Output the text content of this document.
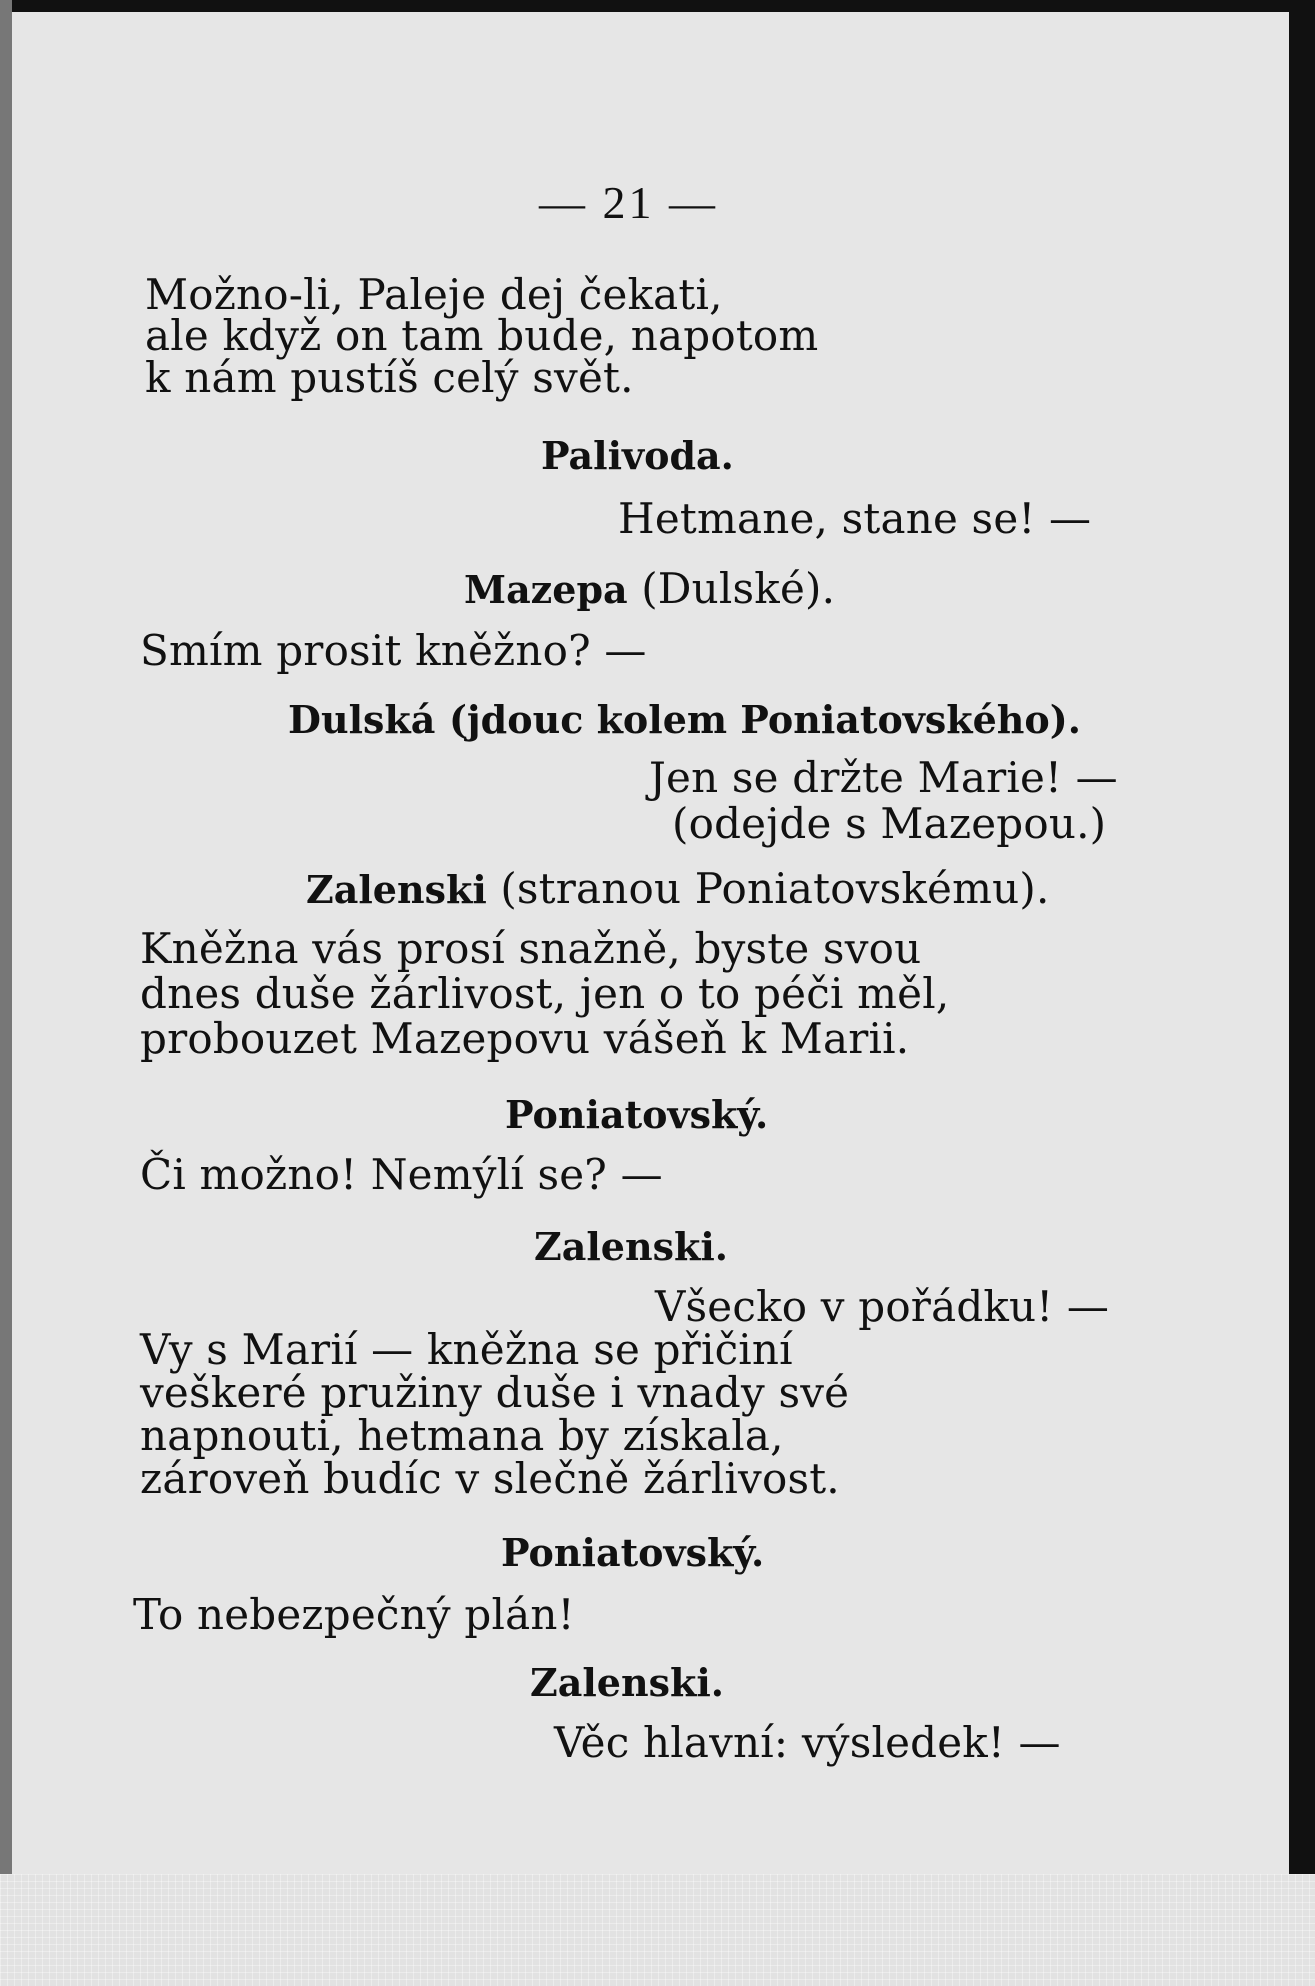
— 21 —
Možno-li, Paleje dej čekati,
ale když on tam bude, napotom
k nám pustíš celý svět.
Palivoda.
Hetmane, stane se! —
Mazepa (Dulské).
Smím prosit kněžno? —
Dulská (jdouc kolem Poniatovského).
Jen se držte Marie! —
(odejde s Mazepou.)
Zalenski (stranou Poniatovskému).
Kněžna vás prosí snažně, byste svou
dnes duše žárlivost, jen o to péči měl,
probouzet Mazepovu vášeň k Marii.
Poniatovský.
Či možno! Nemýlí se? —
Zalenski.
Všecko v pořádku! —
Vy s Marií — kněžna se přičiní
veškeré pružiny duše i vnady své
napnouti, hetmana by získala,
zároveň budíc v slečně žárlivost.
Poniatovský.
To nebezpečný plán!
Zalenski.
Věc hlavní: výsledek! —
